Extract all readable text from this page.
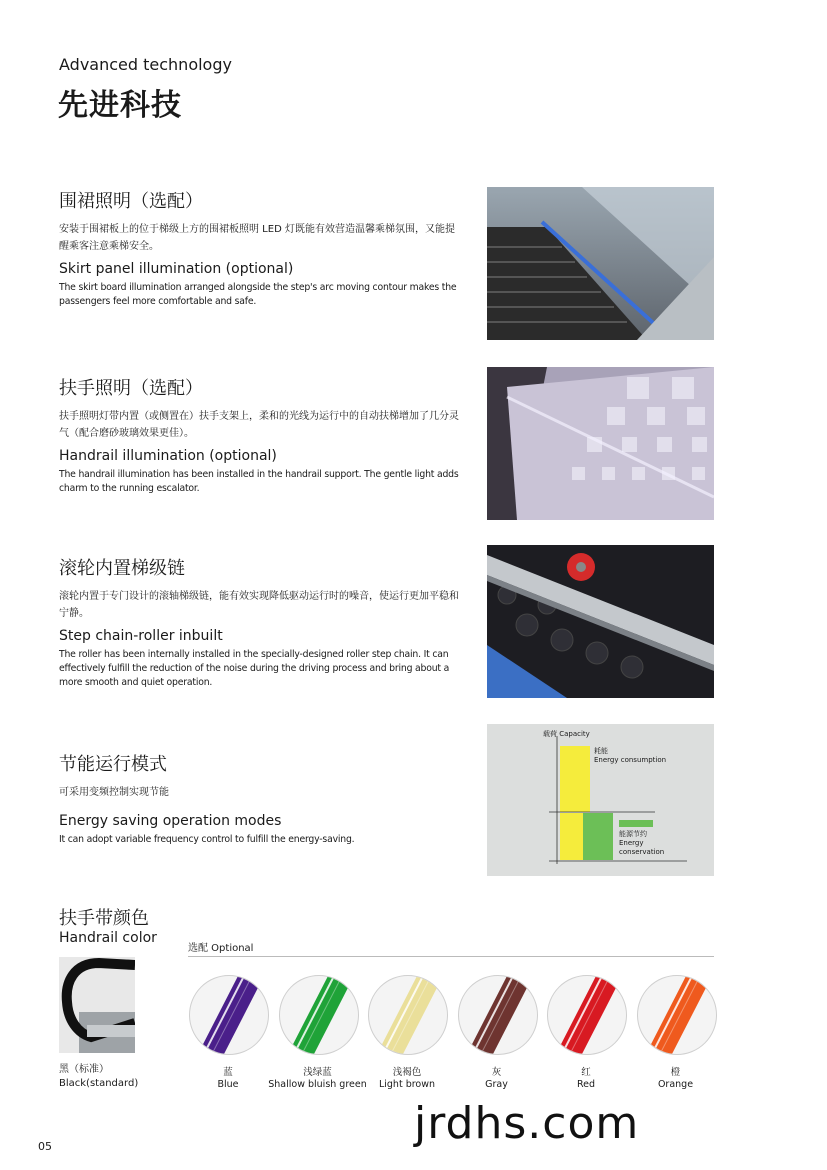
Advanced technology
先进科技
围裙照明（选配）
安装于围裙板上的位于梯级上方的围裙板照明 LED 灯既能有效营造温馨乘梯氛围，又能提醒乘客注意乘梯安全。
Skirt panel illumination (optional)
The skirt board illumination arranged alongside the step's arc moving contour makes the passengers feel more comfortable and safe.
扶手照明（选配）
扶手照明灯带内置（或侧置在）扶手支架上，柔和的光线为运行中的自动扶梯增加了几分灵气（配合磨砂玻璃效果更佳）。
Handrail illumination (optional)
The handrail illumination has been installed in the handrail support. The gentle light adds charm to the running escalator.
滚轮内置梯级链
滚轮内置于专门设计的滚轴梯级链，能有效实现降低驱动运行时的噪音，使运行更加平稳和宁静。
Step chain-roller inbuilt
The roller has been internally installed in the specially-designed roller step chain. It can effectively fulfill the reduction of the noise during the driving process and bring about a more smooth and quiet operation.
节能运行模式
可采用变频控制实现节能
Energy saving operation modes
It can adopt variable frequency control to fulfill the energy-saving.
载荷 Capacity
耗能
Energy consumption
能源节约
Energy
conservation
扶手带颜色
Handrail color
选配 Optional
黑（标准）
Black(standard)
蓝
Blue
浅绿蓝
Shallow bluish green
浅褐色
Light brown
灰
Gray
红
Red
橙
Orange
05	jrdhs.com
